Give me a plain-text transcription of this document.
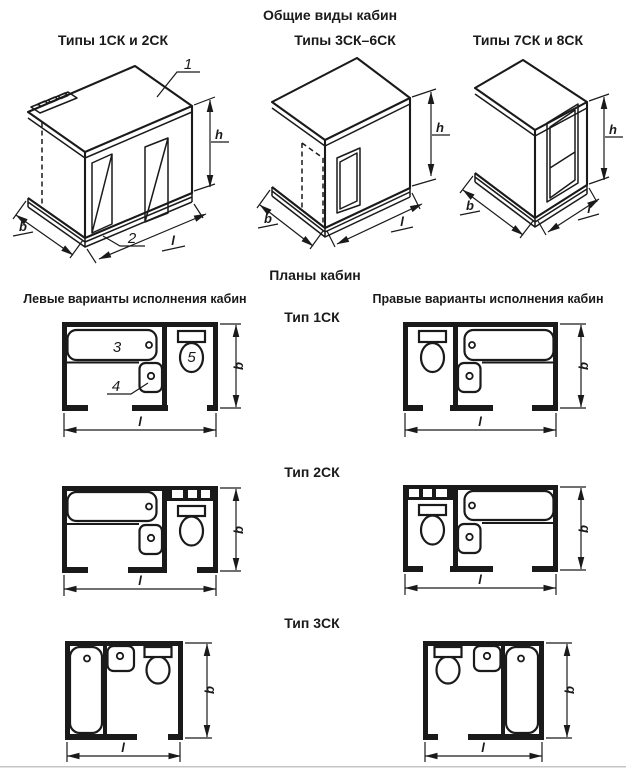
Общие виды кабин
Типы 1СК и 2СК	Типы 3СК–6СК	Типы 7СК и 8СК
Планы кабин
Левые варианты исполнения кабин	Правые варианты исполнения кабин
Тип 1СК
Тип 2СК
Тип 3СК
1
2
b
l
h
b	l
h
b	l
h
3
4
5	b
l
b
l
b
l
b
l
b
l
b
l
